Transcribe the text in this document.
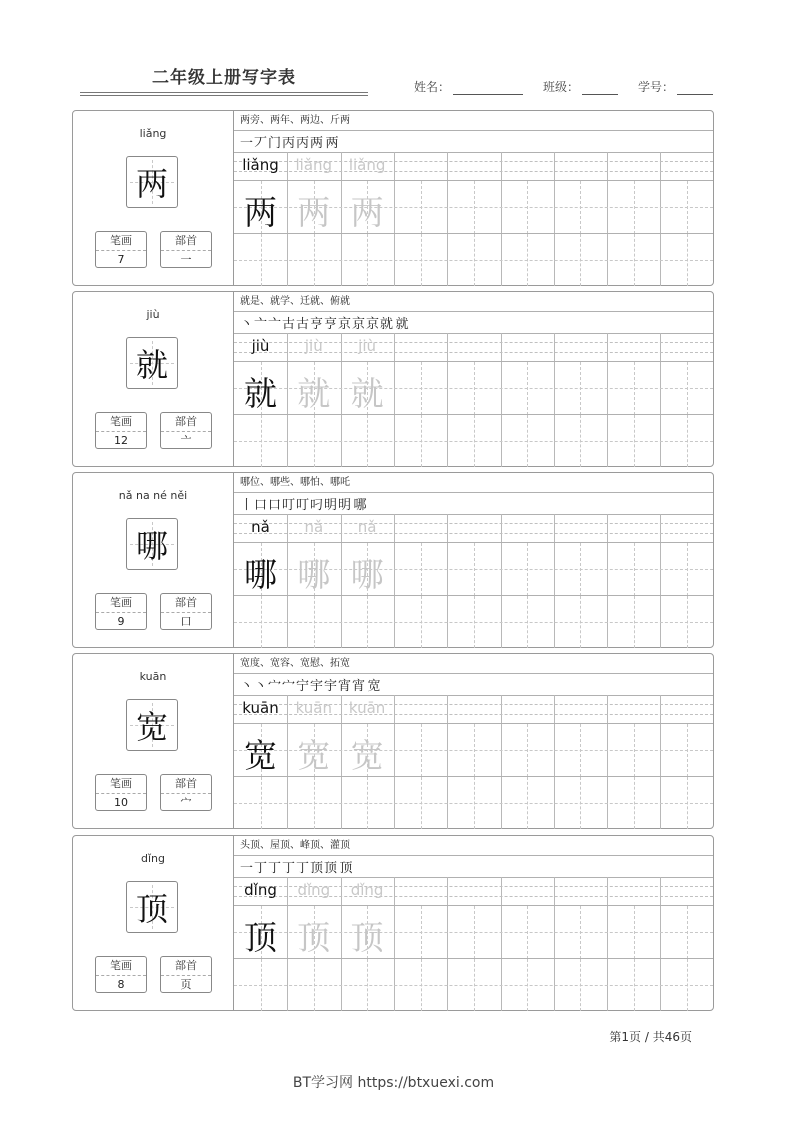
二年级上册写字表	姓名：	班级：	学号：
liǎng
两
笔画
7
部首
一
两旁、两年、两边、斤两
一 丆 门 丙 丙 两 两
liǎng	liǎng	liǎng
两 两 两
jiù
就
笔画
12
部首
亠
就是、就学、迁就、俯就
丶 亠 亠 古 古 亨 亨 京 京 京 就 就
jiù	jiù	jiù
就 就 就
nǎ na né něi
哪
笔画
9
部首
口
哪位、哪些、哪怕、哪吒
丨 口 口 叮 叮 叼 明 明 哪
nǎ	nǎ	nǎ
哪 哪 哪
kuān
宽
笔画
10
部首
宀
宽度、宽容、宽慰、拓宽
丶 丶 宀 宀 宁 宇 宇 宵 宵 宽
kuān	kuān	kuān
宽 宽 宽
dǐng
顶
笔画
8
部首
页
头顶、屋顶、峰顶、灌顶
一 丁 丁 丁 丁 顶 顶 顶
dǐng	dǐng	dǐng
顶 顶 顶
第1页 / 共46页
BT学习网 https://btxuexi.com
